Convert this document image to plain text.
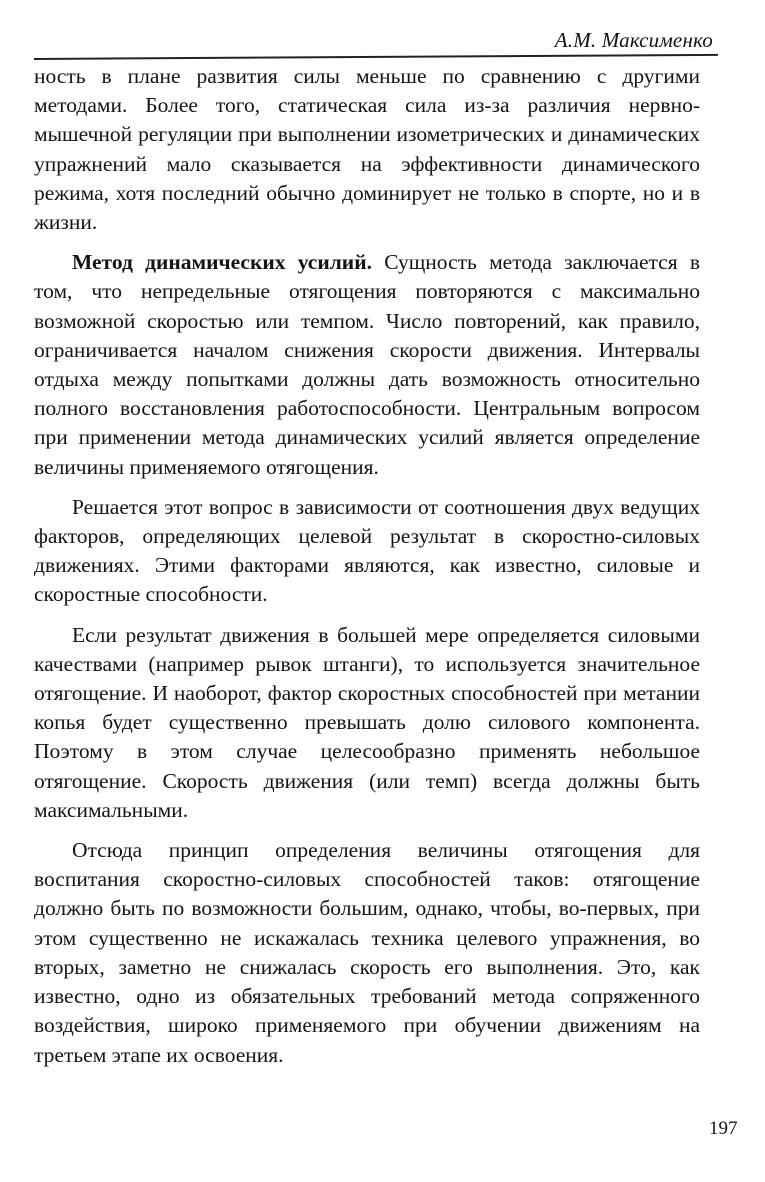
А.М. Максименко

ность в плане развития силы меньше по сравнению с другими методами. Более того, статическая сила из-за различия нервно-мышечной регуляции при выполнении изометрических и динамических упражнений мало сказывается на эффективности динамического режима, хотя последний обычно доминирует не только в спорте, но и в жизни.

Метод динамических усилий. Сущность метода заключается в том, что непредельные отягощения повторяются с максимально возможной скоростью или темпом. Число повторений, как правило, ограничивается началом снижения скорости движения. Интервалы отдыха между попытками должны дать возможность относительно полного восстановления работоспособности. Центральным вопросом при применении метода динамических усилий является определение величины применяемого отягощения.

Решается этот вопрос в зависимости от соотношения двух ведущих факторов, определяющих целевой результат в скоростно-силовых движениях. Этими факторами являются, как известно, силовые и скоростные способности.

Если результат движения в большей мере определяется силовыми качествами (например рывок штанги), то используется значительное отягощение. И наоборот, фактор скоростных способностей при метании копья будет существенно превышать долю силового компонента. Поэтому в этом случае целесообразно применять небольшое отягощение. Скорость движения (или темп) всегда должны быть максимальными.

Отсюда принцип определения величины отягощения для воспитания скоростно-силовых способностей таков: отягощение должно быть по возможности большим, однако, чтобы, во-первых, при этом существенно не искажалась техника целевого упражнения, во вторых, заметно не снижалась скорость его выполнения. Это, как известно, одно из обязательных требований метода сопряженного воздействия, широко применяемого при обучении движениям на третьем этапе их освоения.

197
